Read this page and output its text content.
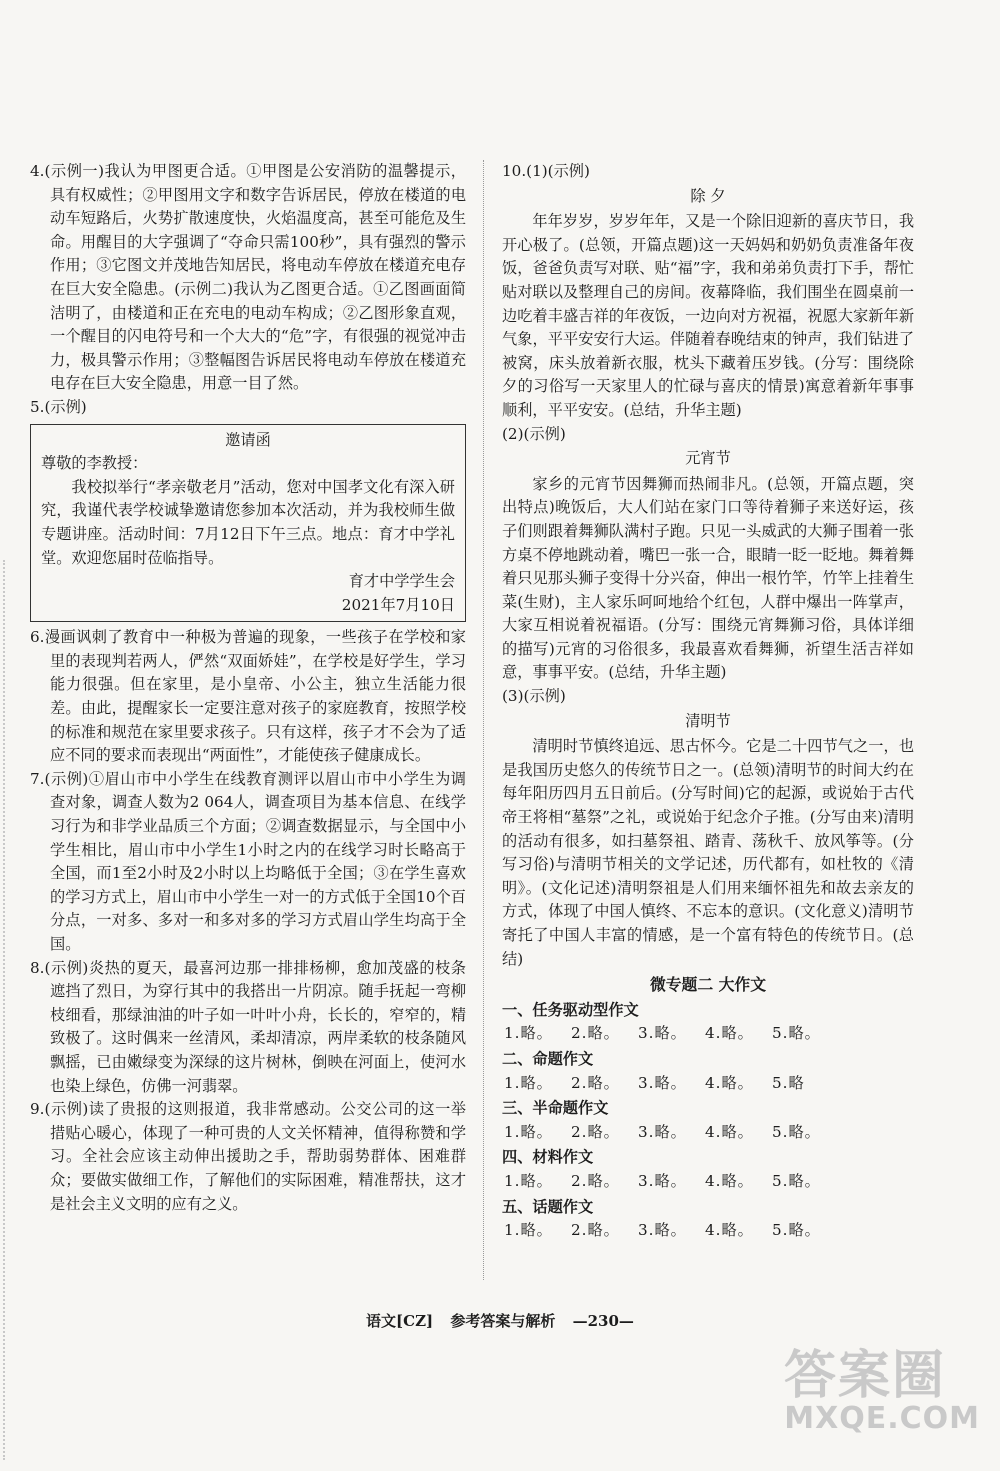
4.(示例一)我认为甲图更合适。①甲图是公安消防的温馨提示，具有权威性；②甲图用文字和数字告诉居民，停放在楼道的电动车短路后，火势扩散速度快，火焰温度高，甚至可能危及生命。用醒目的大字强调了“夺命只需100秒”，具有强烈的警示作用；③它图文并茂地告知居民，将电动车停放在楼道充电存在巨大安全隐患。(示例二)我认为乙图更合适。①乙图画面简洁明了，由楼道和正在充电的电动车构成；②乙图形象直观，一个醒目的闪电符号和一个大大的“危”字，有很强的视觉冲击力，极具警示作用；③整幅图告诉居民将电动车停放在楼道充电存在巨大安全隐患，用意一目了然。

5.(示例)

邀请函

尊敬的李教授：

我校拟举行“孝亲敬老月”活动，您对中国孝文化有深入研究，我谨代表学校诚挚邀请您参加本次活动，并为我校师生做专题讲座。活动时间：7月12日下午三点。地点：育才中学礼堂。欢迎您届时莅临指导。

育才中学学生会

2021年7月10日

6.漫画讽刺了教育中一种极为普遍的现象，一些孩子在学校和家里的表现判若两人，俨然“双面娇娃”，在学校是好学生，学习能力很强。但在家里，是小皇帝、小公主，独立生活能力很差。由此，提醒家长一定要注意对孩子的家庭教育，按照学校的标准和规范在家里要求孩子。只有这样，孩子才不会为了适应不同的要求而表现出“两面性”，才能使孩子健康成长。

7.(示例)①眉山市中小学生在线教育测评以眉山市中小学生为调查对象，调查人数为2 064人，调查项目为基本信息、在线学习行为和非学业品质三个方面；②调查数据显示，与全国中小学生相比，眉山市中小学生1小时之内的在线学习时长略高于全国，而1至2小时及2小时以上均略低于全国；③在学生喜欢的学习方式上，眉山市中小学生一对一的方式低于全国10个百分点，一对多、多对一和多对多的学习方式眉山学生均高于全国。

8.(示例)炎热的夏天，最喜河边那一排排杨柳，愈加茂盛的枝条遮挡了烈日，为穿行其中的我搭出一片阴凉。随手抚起一弯柳枝细看，那绿油油的叶子如一叶叶小舟，长长的，窄窄的，精致极了。这时偶来一丝清风，柔却清凉，两岸柔软的枝条随风飘摇，已由嫩绿变为深绿的这片树林，倒映在河面上，使河水也染上绿色，仿佛一河翡翠。

9.(示例)读了贵报的这则报道，我非常感动。公交公司的这一举措贴心暖心，体现了一种可贵的人文关怀精神，值得称赞和学习。全社会应该主动伸出援助之手，帮助弱势群体、困难群众；要做实做细工作，了解他们的实际困难，精准帮扶，这才是社会主义文明的应有之义。

10.(1)(示例)

除 夕

年年岁岁，岁岁年年，又是一个除旧迎新的喜庆节日，我开心极了。(总领，开篇点题)这一天妈妈和奶奶负责准备年夜饭，爸爸负责写对联、贴“福”字，我和弟弟负责打下手，帮忙贴对联以及整理自己的房间。夜幕降临，我们围坐在圆桌前一边吃着丰盛吉祥的年夜饭，一边向对方祝福，祝愿大家新年新气象，平平安安行大运。伴随着春晚结束的钟声，我们钻进了被窝，床头放着新衣服，枕头下藏着压岁钱。(分写：围绕除夕的习俗写一天家里人的忙碌与喜庆的情景)寓意着新年事事顺利，平平安安。(总结，升华主题)

(2)(示例)

元宵节

家乡的元宵节因舞狮而热闹非凡。(总领，开篇点题，突出特点)晚饭后，大人们站在家门口等待着狮子来送好运，孩子们则跟着舞狮队满村子跑。只见一头威武的大狮子围着一张方桌不停地跳动着，嘴巴一张一合，眼睛一眨一眨地。舞着舞着只见那头狮子变得十分兴奋，伸出一根竹竿，竹竿上挂着生菜(生财)，主人家乐呵呵地给个红包，人群中爆出一阵掌声，大家互相说着祝福语。(分写：围绕元宵舞狮习俗，具体详细的描写)元宵的习俗很多，我最喜欢看舞狮，祈望生活吉祥如意，事事平安。(总结，升华主题)

(3)(示例)

清明节

清明时节慎终追远、思古怀今。它是二十四节气之一，也是我国历史悠久的传统节日之一。(总领)清明节的时间大约在每年阳历四月五日前后。(分写时间)它的起源，或说始于古代帝王将相“墓祭”之礼，或说始于纪念介子推。(分写由来)清明的活动有很多，如扫墓祭祖、踏青、荡秋千、放风筝等。(分写习俗)与清明节相关的文学记述，历代都有，如杜牧的《清明》。(文化记述)清明祭祖是人们用来缅怀祖先和故去亲友的方式，体现了中国人慎终、不忘本的意识。(文化意义)清明节寄托了中国人丰富的情感，是一个富有特色的传统节日。(总结)

微专题二 大作文

一、任务驱动型作文

1.略。	2.略。	3.略。	4.略。	5.略。

二、命题作文

1.略。	2.略。	3.略。	4.略。	5.略

三、半命题作文

1.略。	2.略。	3.略。	4.略。	5.略。

四、材料作文

1.略。	2.略。	3.略。	4.略。	5.略。

五、话题作文

1.略。	2.略。	3.略。	4.略。	5.略。
语文[CZ] 参考答案与解析 —230—
答案圈
MXQE.COM
